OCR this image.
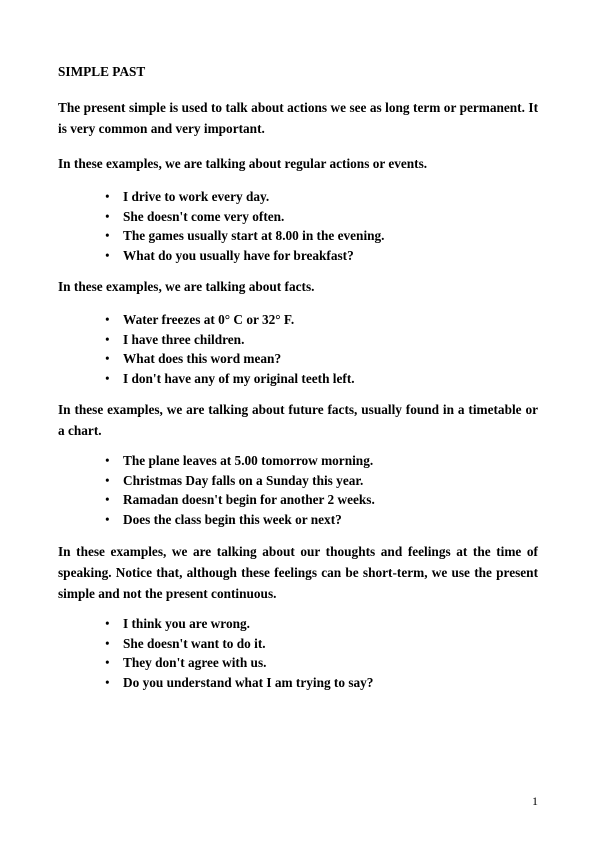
SIMPLE PAST

The present simple is used to talk about actions we see as long term or permanent. It is very common and very important.

In these examples, we are talking about regular actions or events.

• I drive to work every day.
• She doesn't come very often.
• The games usually start at 8.00 in the evening.
• What do you usually have for breakfast?

In these examples, we are talking about facts.

• Water freezes at 0° C or 32° F.
• I have three children.
• What does this word mean?
• I don't have any of my original teeth left.

In these examples, we are talking about future facts, usually found in a timetable or a chart.

• The plane leaves at 5.00 tomorrow morning.
• Christmas Day falls on a Sunday this year.
• Ramadan doesn't begin for another 2 weeks.
• Does the class begin this week or next?

In these examples, we are talking about our thoughts and feelings at the time of speaking. Notice that, although these feelings can be short-term, we use the present simple and not the present continuous.

• I think you are wrong.
• She doesn't want to do it.
• They don't agree with us.
• Do you understand what I am trying to say?
1
